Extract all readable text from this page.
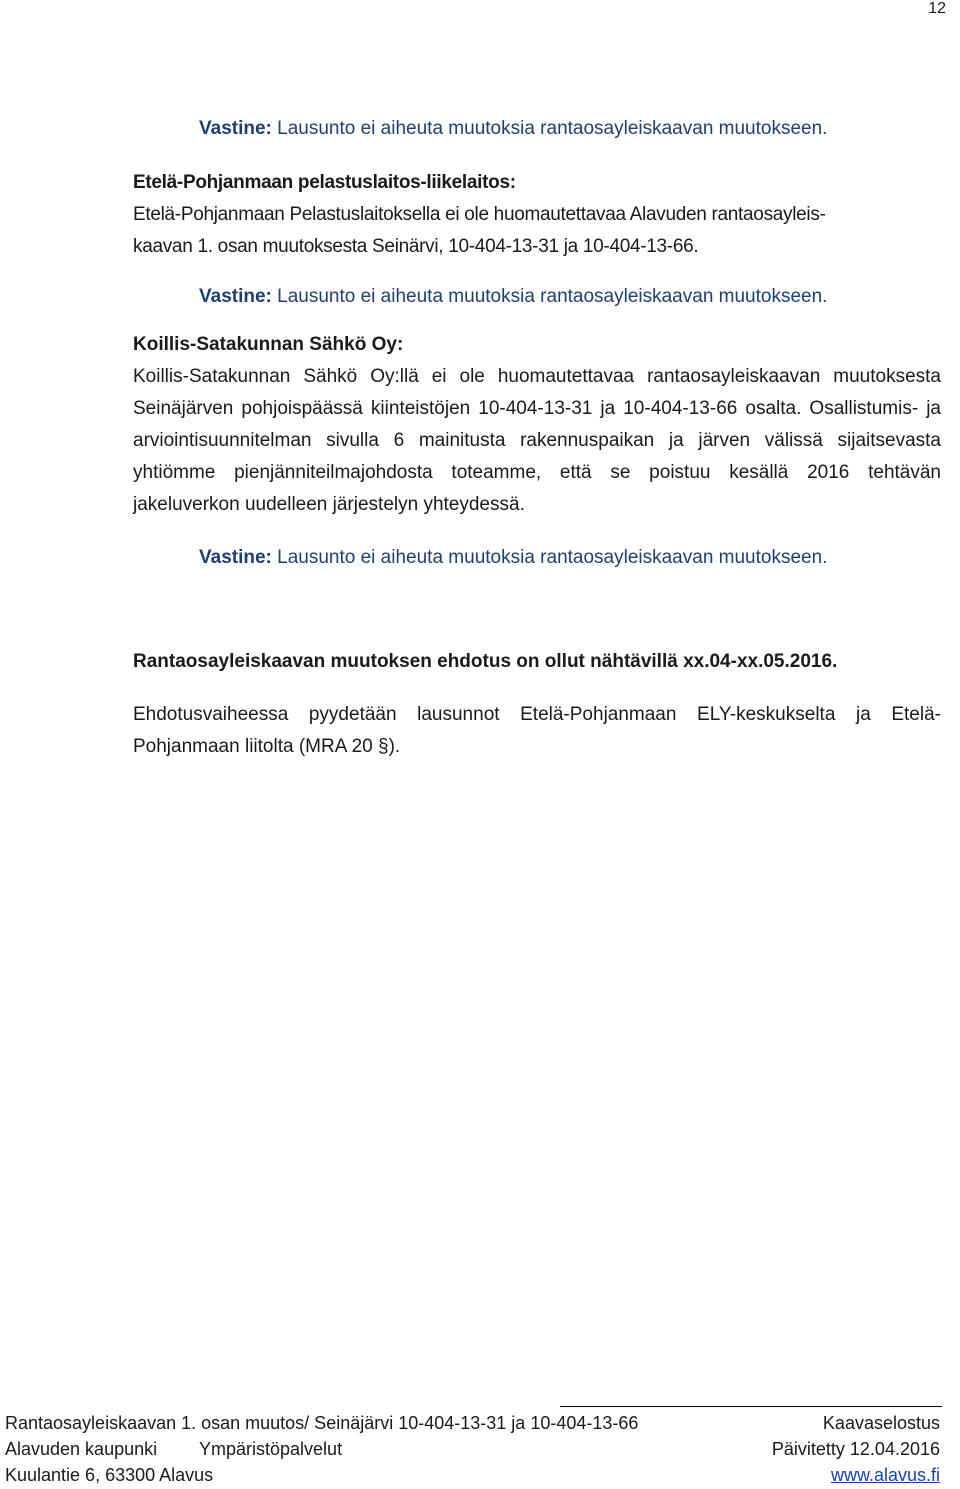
12
Vastine: Lausunto ei aiheuta muutoksia rantaosayleiskaavan muutokseen.
Etelä-Pohjanmaan pelastuslaitos-liikelaitos:
Etelä-Pohjanmaan Pelastuslaitoksella ei ole huomautettavaa Alavuden rantaosayleis-
kaavan 1. osan muutoksesta Seinärvi, 10-404-13-31 ja 10-404-13-66.
Vastine: Lausunto ei aiheuta muutoksia rantaosayleiskaavan muutokseen.
Koillis-Satakunnan Sähkö Oy:
Koillis-Satakunnan Sähkö Oy:llä ei ole huomautettavaa rantaosayleiskaavan muutoksesta Seinäjärven pohjoispäässä kiinteistöjen 10-404-13-31 ja 10-404-13-66 osalta. Osallistumis- ja arviointisuunnitelman sivulla 6 mainitusta rakennuspaikan ja järven välissä sijaitsevasta yhtiömme pienjänniteilmajohdosta toteamme, että se poistuu kesällä 2016 tehtävän jakeluverkon uudelleen järjestelyn yhteydessä.
Vastine: Lausunto ei aiheuta muutoksia rantaosayleiskaavan muutokseen.
Rantaosayleiskaavan muutoksen ehdotus on ollut nähtävillä xx.04-xx.05.2016.
Ehdotusvaiheessa pyydetään lausunnot Etelä-Pohjanmaan ELY-keskukselta ja Etelä-Pohjanmaan liitolta (MRA 20 §).
Rantaosayleiskaavan 1. osan muutos/ Seinäjärvi 10-404-13-31 ja 10-404-13-66	Kaavaselostus
Alavuden kaupunki Ympäristöpalvelut	Päivitetty 12.04.2016
Kuulantie 6, 63300 Alavus	www.alavus.fi
